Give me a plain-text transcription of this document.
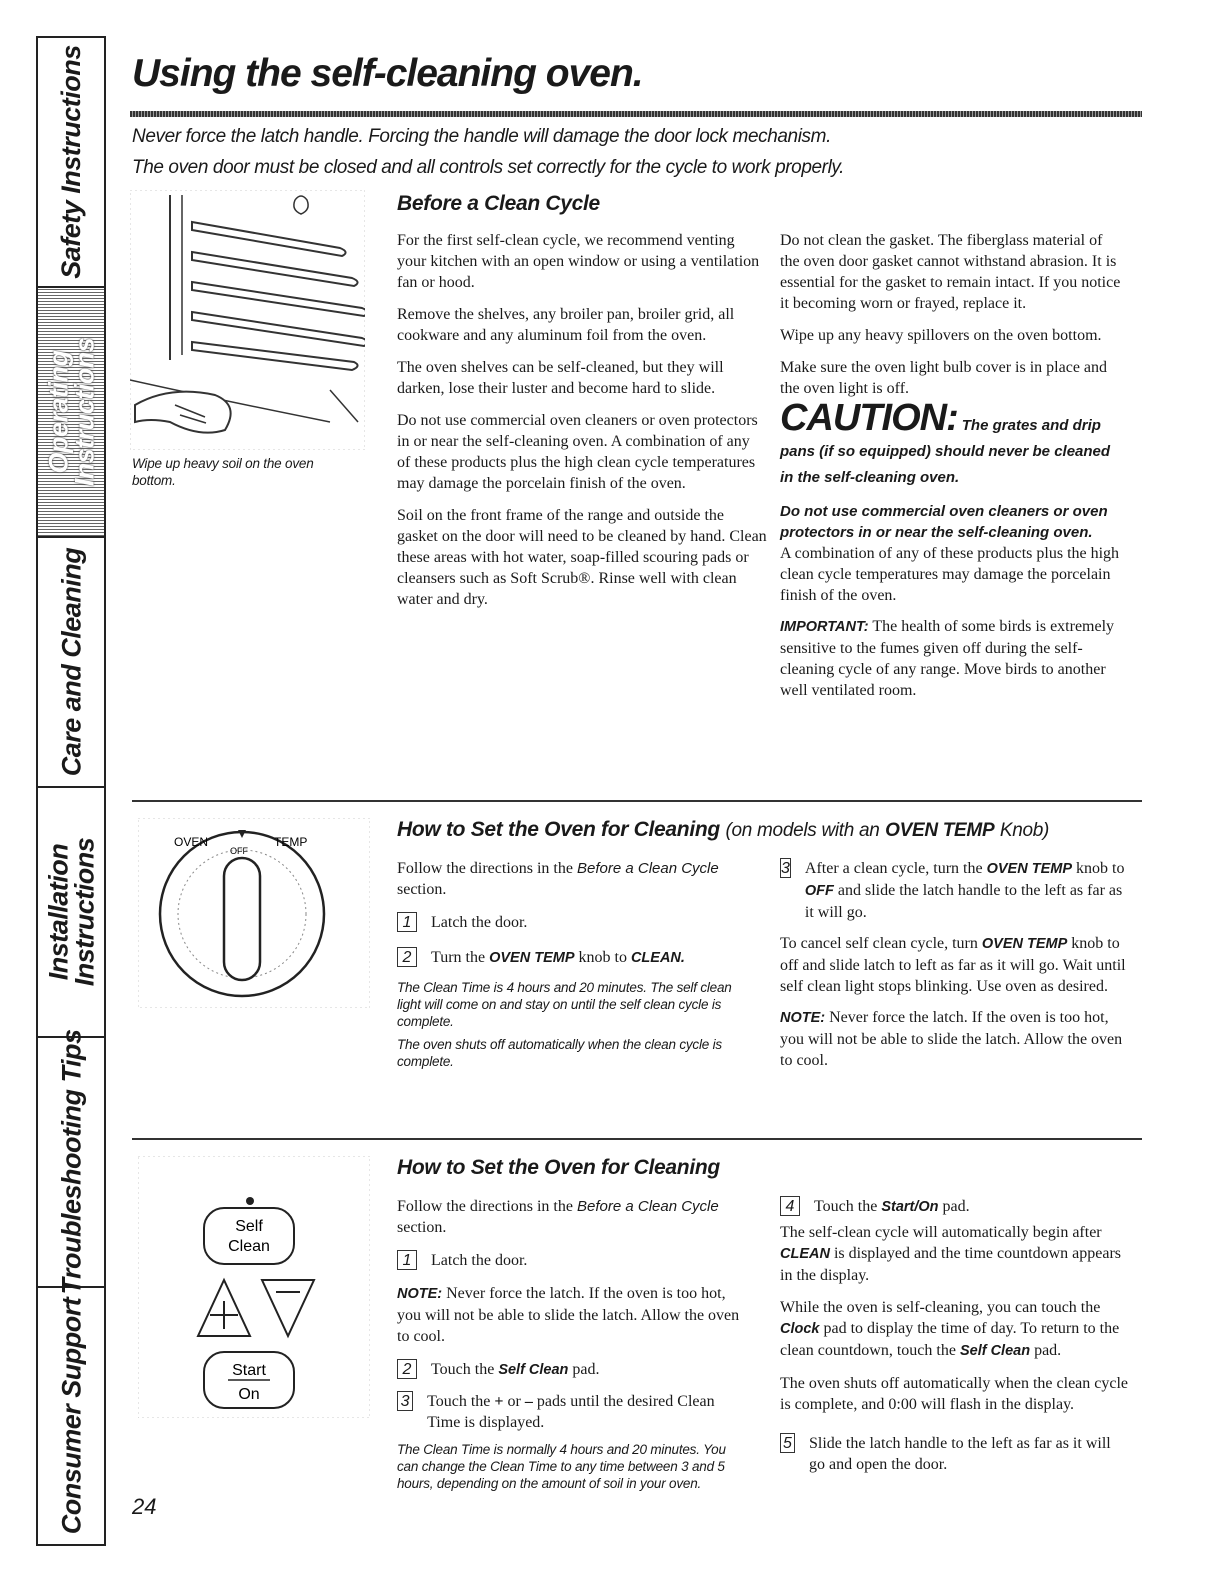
Safety Instructions
Operating Instructions
Care and Cleaning
Installation Instructions
Troubleshooting Tips
Consumer Support
Using the self-cleaning oven.
Never force the latch handle. Forcing the handle will damage the door lock mechanism.
The oven door must be closed and all controls set correctly for the cycle to work properly.
Wipe up heavy soil on the oven bottom.
Before a Clean Cycle

For the first self-clean cycle, we recommend venting your kitchen with an open window or using a ventilation fan or hood.

Remove the shelves, any broiler pan, broiler grid, all cookware and any aluminum foil from the oven.

The oven shelves can be self-cleaned, but they will darken, lose their luster and become hard to slide.

Do not use commercial oven cleaners or oven protectors in or near the self-cleaning oven. A combination of any of these products plus the high clean cycle temperatures may damage the porcelain finish of the oven.

Soil on the front frame of the range and outside the gasket on the door will need to be cleaned by hand. Clean these areas with hot water, soap-filled scouring pads or cleansers such as Soft Scrub®. Rinse well with clean water and dry.

Do not clean the gasket. The fiberglass material of the oven door gasket cannot withstand abrasion. It is essential for the gasket to remain intact. If you notice it becoming worn or frayed, replace it.

Wipe up any heavy spillovers on the oven bottom.

Make sure the oven light bulb cover is in place and the oven light is off.

CAUTION: The grates and drip pans (if so equipped) should never be cleaned in the self-cleaning oven.

Do not use commercial oven cleaners or oven protectors in or near the self-cleaning oven.

A combination of any of these products plus the high clean cycle temperatures may damage the porcelain finish of the oven.

IMPORTANT: The health of some birds is extremely sensitive to the fumes given off during the self-cleaning cycle of any range. Move birds to another well ventilated room.

OVEN	TEMP
OFF
How to Set the Oven for Cleaning (on models with an OVEN TEMP Knob)

Follow the directions in the Before a Clean Cycle section.

1	Latch the door.
2	Turn the OVEN TEMP knob to CLEAN.

The Clean Time is 4 hours and 20 minutes. The self clean light will come on and stay on until the self clean cycle is complete.

The oven shuts off automatically when the clean cycle is complete.

3 After a clean cycle, turn the OVEN TEMP knob to OFF and slide the latch handle to the left as far as it will go.

To cancel self clean cycle, turn OVEN TEMP knob to off and slide latch to left as far as it will go. Wait until self clean light stops blinking. Use oven as desired.

NOTE: Never force the latch. If the oven is too hot, you will not be able to slide the latch. Allow the oven to cool.

Self
Clean
Start
On
How to Set the Oven for Cleaning

Follow the directions in the Before a Clean Cycle section.

1	Latch the door.

NOTE: Never force the latch. If the oven is too hot, you will not be able to slide the latch. Allow the oven to cool.

2	Touch the Self Clean pad.
3 Touch the + or – pads until the desired Clean Time is displayed.

The Clean Time is normally 4 hours and 20 minutes. You can change the Clean Time to any time between 3 and 5 hours, depending on the amount of soil in your oven.

4	Touch the Start/On pad.

The self-clean cycle will automatically begin after CLEAN is displayed and the time countdown appears in the display.

While the oven is self-cleaning, you can touch the Clock pad to display the time of day. To return to the clean countdown, touch the Self Clean pad.

The oven shuts off automatically when the clean cycle is complete, and 0:00 will flash in the display.

5 Slide the latch handle to the left as far as it will go and open the door.
24
